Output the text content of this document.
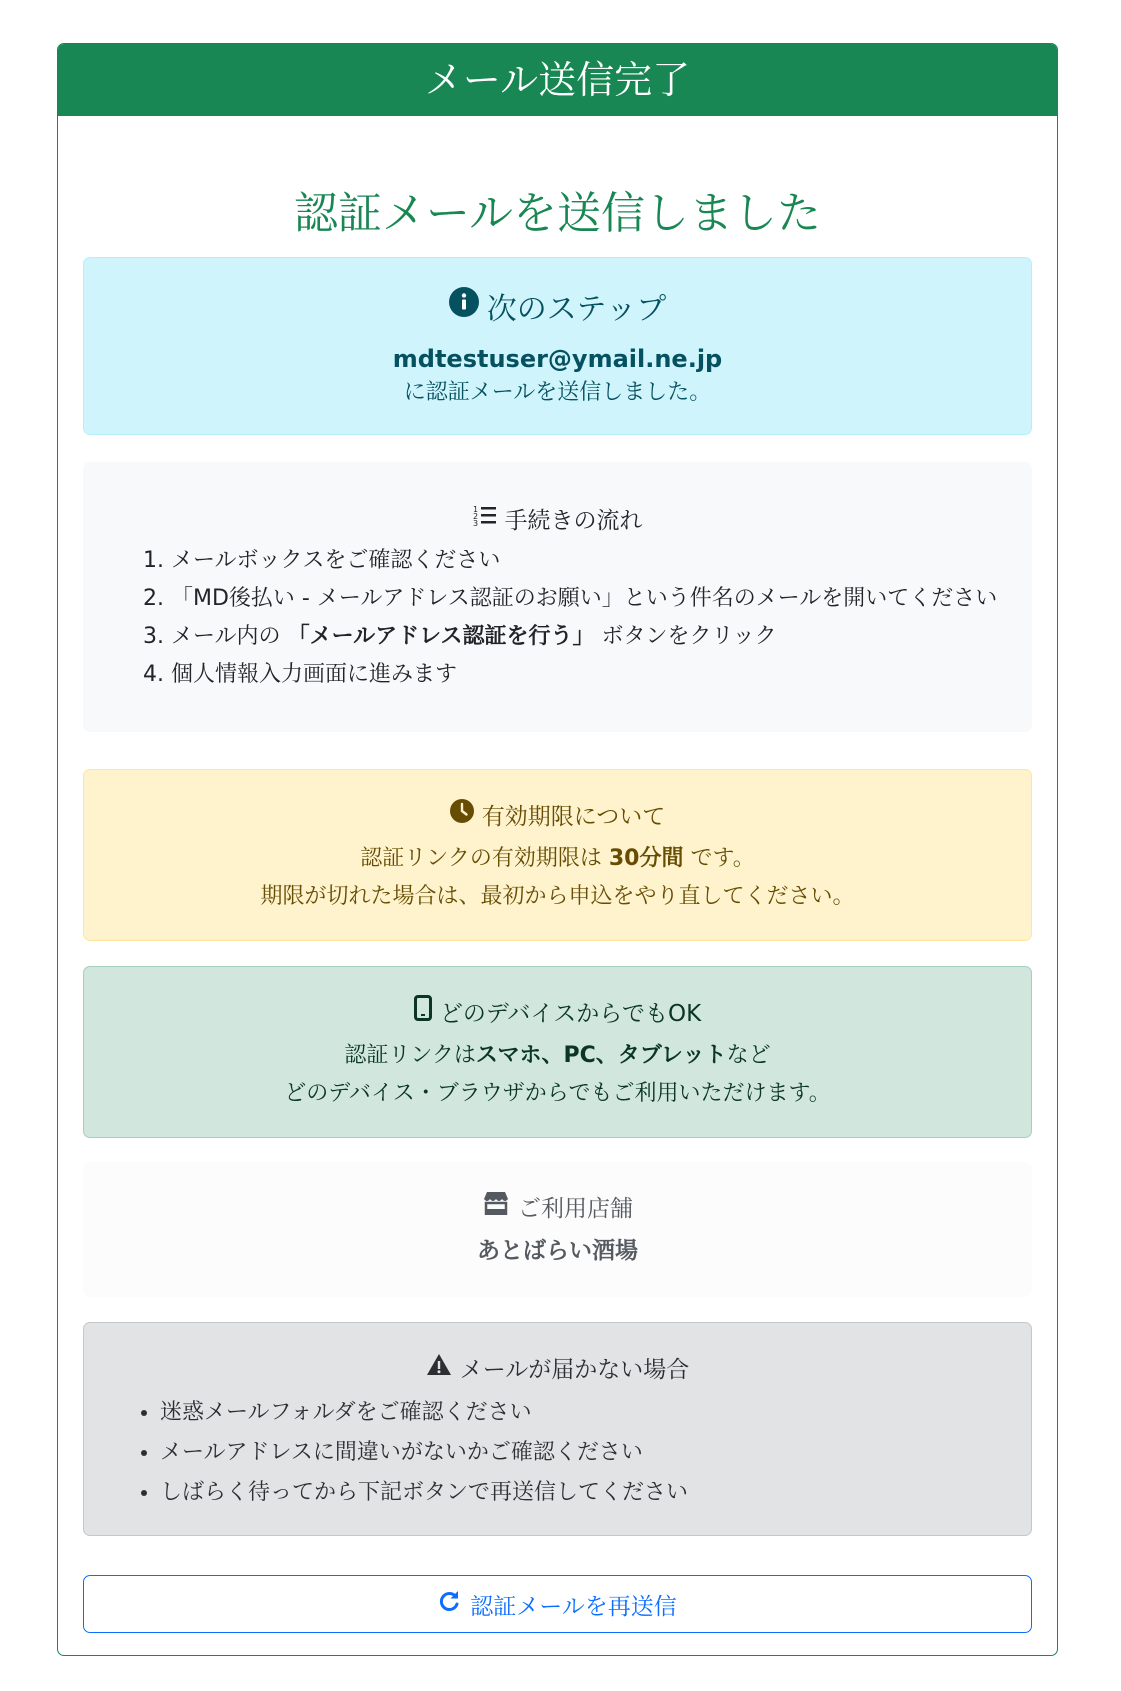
メール送信完了
認証メールを送信しました
次のステップ
mdtestuser@ymail.ne.jp
に認証メールを送信しました。
1
2
3 手続きの流れ
1. メールボックスをご確認ください
2. 「MD後払い - メールアドレス認証のお願い」という件名のメールを開いてください
3. メール内の 「メールアドレス認証を行う」 ボタンをクリック
4. 個人情報入力画面に進みます
有効期限について

認証リンクの有効期限は 30分間 です。
期限が切れた場合は、最初から申込をやり直してください。

どのデバイスからでもOK

認証リンクはスマホ、PC、タブレットなど
どのデバイス・ブラウザからでもご利用いただけます。

ご利用店舗
あとばらい酒場
メールが届かない場合
• 迷惑メールフォルダをご確認ください
• メールアドレスに間違いがないかご確認ください
• しばらく待ってから下記ボタンで再送信してください
認証メールを再送信
